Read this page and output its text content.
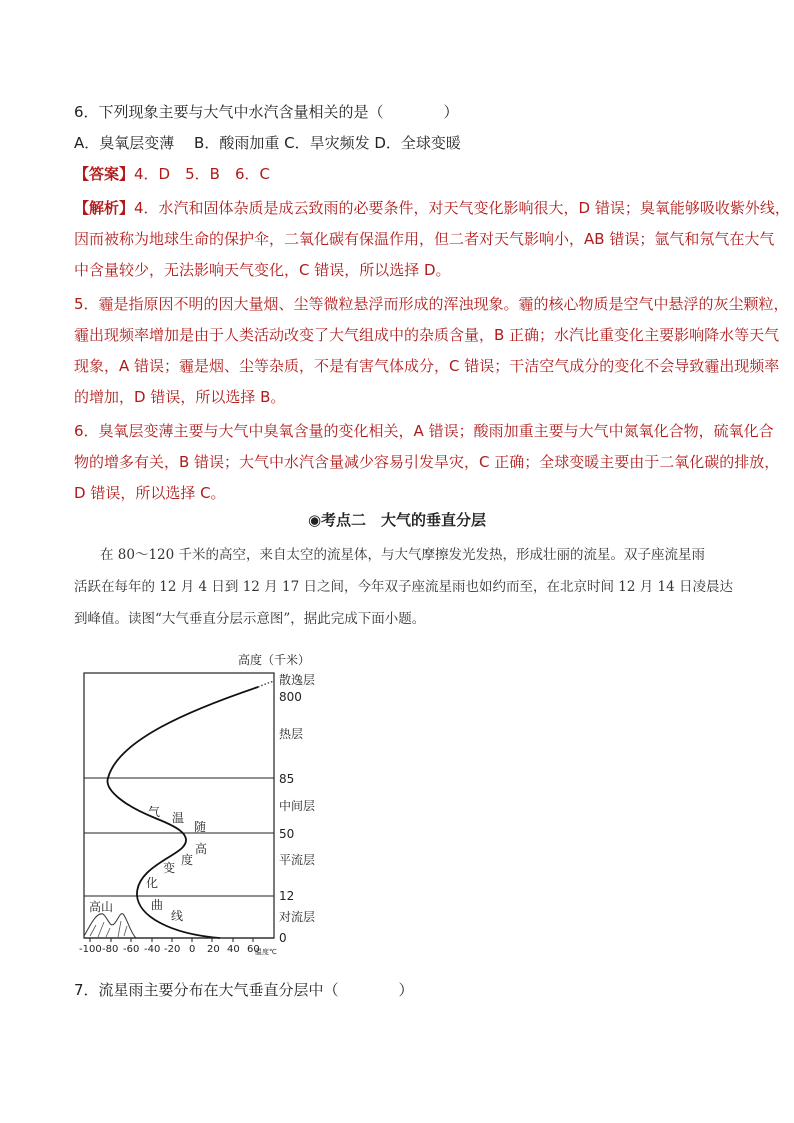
6．下列现象主要与大气中水汽含量相关的是（　　　　）
A．臭氧层变薄　 B．酸雨加重 C．旱灾频发 D．全球变暖
【答案】4．D　5．B　6．C
【解析】4．水汽和固体杂质是成云致雨的必要条件，对天气变化影响很大，D 错误；臭氧能够吸收紫外线，
因而被称为地球生命的保护伞，二氧化碳有保温作用，但二者对天气影响小，AB 错误；氩气和氖气在大气
中含量较少，无法影响天气变化，C 错误，所以选择 D。
5．霾是指原因不明的因大量烟、尘等微粒悬浮而形成的浑浊现象。霾的核心物质是空气中悬浮的灰尘颗粒，
霾出现频率增加是由于人类活动改变了大气组成中的杂质含量，B 正确；水汽比重变化主要影响降水等天气
现象，A 错误；霾是烟、尘等杂质，不是有害气体成分，C 错误；干洁空气成分的变化不会导致霾出现频率
的增加，D 错误，所以选择 B。
6．臭氧层变薄主要与大气中臭氧含量的变化相关，A 错误；酸雨加重主要与大气中氮氧化合物，硫氧化合
物的增多有关，B 错误；大气中水汽含量减少容易引发旱灾，C 正确；全球变暖主要由于二氧化碳的排放，
D 错误，所以选择 C。
◉考点二　大气的垂直分层
在 80～120 千米的高空，来自太空的流星体，与大气摩擦发光发热，形成壮丽的流星。双子座流星雨
活跃在每年的 12 月 4 日到 12 月 17 日之间，今年双子座流星雨也如约而至，在北京时间 12 月 14 日凌晨达
到峰值。读图“大气垂直分层示意图”，据此完成下面小题。
高度（千米）
800
85
50
12
0
散逸层
热层
中间层
平流层
对流层
气 温
随
高
度
变
化
曲
线
高山
-100 -80 -60 -40 -20 0 20 40 60
温度℃
7．流星雨主要分布在大气垂直分层中（　　　　）
